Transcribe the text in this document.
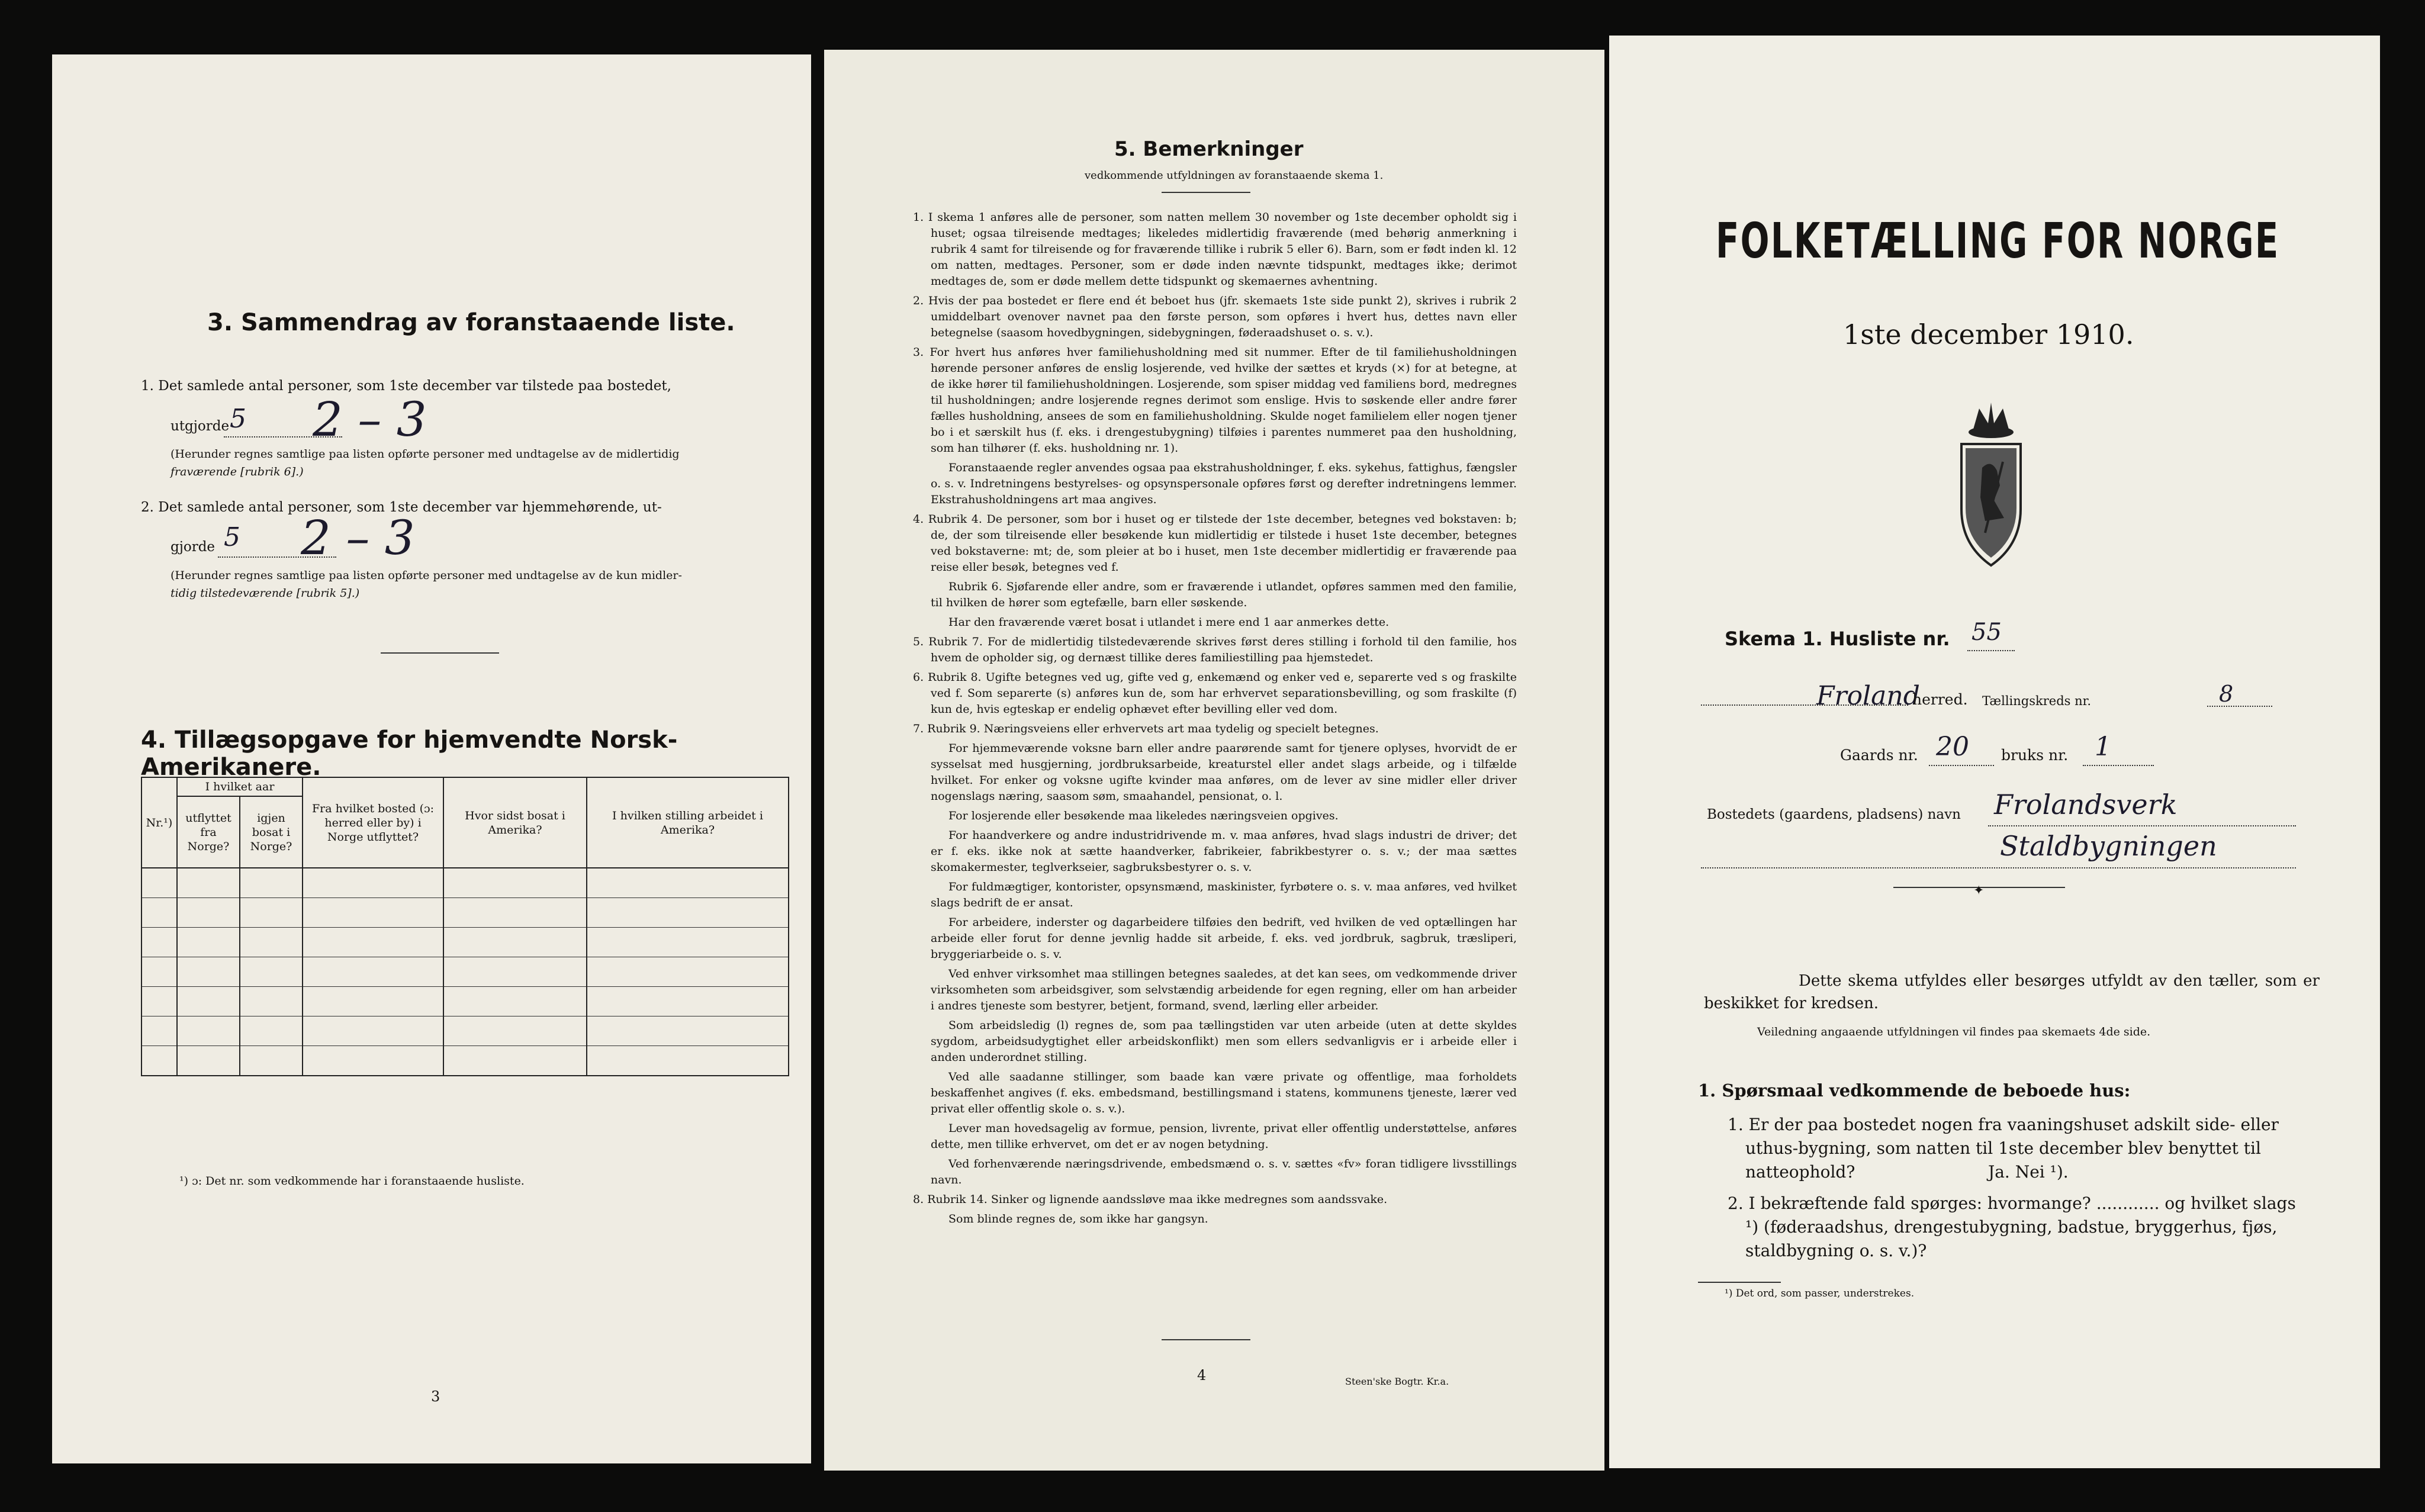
3. Sammendrag av foranstaaende liste.
1. Det samlede antal personer, som 1ste december var tilstede paa bostedet,
utgjorde 5 2 – 3
(Herunder regnes samtlige paa listen opførte personer med undtagelse av de midlertidig
fraværende [rubrik 6].)
2. Det samlede antal personer, som 1ste december var hjemmehørende, ut-
gjorde 5 2 – 3
(Herunder regnes samtlige paa listen opførte personer med undtagelse av de kun midler-
tidig tilstedeværende [rubrik 5].)
4. Tillægsopgave for hjemvendte Norsk-Amerikanere.
Nr.¹)	I hvilket aar		Fra hvilket bosted (ɔ: herred eller by) i Norge utflyttet?	Hvor sidst bosat i Amerika?	I hvilken stilling arbeidet i Amerika?
	utflyttet fra Norge?	igjen bosat i Norge?			

¹) ɔ: Det nr. som vedkommende har i foranstaaende husliste.
3
5. Bemerkninger
vedkommende utfyldningen av foranstaaende skema 1.

1. I skema 1 anføres alle de personer, som natten mellem 30 november og 1ste december opholdt sig i huset; ogsaa tilreisende medtages; likeledes midlertidig fraværende (med behørig anmerkning i rubrik 4 samt for tilreisende og for fraværende tillike i rubrik 5 eller 6). Barn, som er født inden kl. 12 om natten, medtages. Personer, som er døde inden nævnte tidspunkt, medtages ikke; derimot medtages de, som er døde mellem dette tidspunkt og skemaernes avhentning.

2. Hvis der paa bostedet er flere end ét beboet hus (jfr. skemaets 1ste side punkt 2), skrives i rubrik 2 umiddelbart ovenover navnet paa den første person, som opføres i hvert hus, dettes navn eller betegnelse (saasom hovedbygningen, sidebygningen, føderaadshuset o. s. v.).

3. For hvert hus anføres hver familiehusholdning med sit nummer. Efter de til familiehusholdningen hørende personer anføres de enslig losjerende, ved hvilke der sættes et kryds (×) for at betegne, at de ikke hører til familiehusholdningen. Losjerende, som spiser middag ved familiens bord, medregnes til husholdningen; andre losjerende regnes derimot som enslige. Hvis to søskende eller andre fører fælles husholdning, ansees de som en familiehusholdning. Skulde noget familielem eller nogen tjener bo i et særskilt hus (f. eks. i drengestubygning) tilføies i parentes nummeret paa den husholdning, som han tilhører (f. eks. husholdning nr. 1).

Foranstaaende regler anvendes ogsaa paa ekstrahusholdninger, f. eks. sykehus, fattighus, fængsler o. s. v. Indretningens bestyrelses- og opsynspersonale opføres først og derefter indretningens lemmer. Ekstrahusholdningens art maa angives.

4. Rubrik 4. De personer, som bor i huset og er tilstede der 1ste december, betegnes ved bokstaven: b; de, der som tilreisende eller besøkende kun midlertidig er tilstede i huset 1ste december, betegnes ved bokstaverne: mt; de, som pleier at bo i huset, men 1ste december midlertidig er fraværende paa reise eller besøk, betegnes ved f.

Rubrik 6. Sjøfarende eller andre, som er fraværende i utlandet, opføres sammen med den familie, til hvilken de hører som egtefælle, barn eller søskende.

Har den fraværende været bosat i utlandet i mere end 1 aar anmerkes dette.

5. Rubrik 7. For de midlertidig tilstedeværende skrives først deres stilling i forhold til den familie, hos hvem de opholder sig, og dernæst tillike deres familiestilling paa hjemstedet.

6. Rubrik 8. Ugifte betegnes ved ug, gifte ved g, enkemænd og enker ved e, separerte ved s og fraskilte ved f. Som separerte (s) anføres kun de, som har erhvervet separationsbevilling, og som fraskilte (f) kun de, hvis egteskap er endelig ophævet efter bevilling eller ved dom.

7. Rubrik 9. Næringsveiens eller erhvervets art maa tydelig og specielt betegnes.

For hjemmeværende voksne barn eller andre paarørende samt for tjenere oplyses, hvorvidt de er sysselsat med husgjerning, jordbruksarbeide, kreaturstel eller andet slags arbeide, og i tilfælde hvilket. For enker og voksne ugifte kvinder maa anføres, om de lever av sine midler eller driver nogenslags næring, saasom søm, smaahandel, pensionat, o. l.

For losjerende eller besøkende maa likeledes næringsveien opgives.

For haandverkere og andre industridrivende m. v. maa anføres, hvad slags industri de driver; det er f. eks. ikke nok at sætte haandverker, fabrikeier, fabrikbestyrer o. s. v.; der maa sættes skomakermester, teglverkseier, sagbruksbestyrer o. s. v.

For fuldmægtiger, kontorister, opsynsmænd, maskinister, fyrbøtere o. s. v. maa anføres, ved hvilket slags bedrift de er ansat.

For arbeidere, inderster og dagarbeidere tilføies den bedrift, ved hvilken de ved optællingen har arbeide eller forut for denne jevnlig hadde sit arbeide, f. eks. ved jordbruk, sagbruk, træsliperi, bryggeriarbeide o. s. v.

Ved enhver virksomhet maa stillingen betegnes saaledes, at det kan sees, om vedkommende driver virksomheten som arbeidsgiver, som selvstændig arbeidende for egen regning, eller om han arbeider i andres tjeneste som bestyrer, betjent, formand, svend, lærling eller arbeider.

Som arbeidsledig (l) regnes de, som paa tællingstiden var uten arbeide (uten at dette skyldes sygdom, arbeidsudygtighet eller arbeidskonflikt) men som ellers sedvanligvis er i arbeide eller i anden underordnet stilling.

Ved alle saadanne stillinger, som baade kan være private og offentlige, maa forholdets beskaffenhet angives (f. eks. embedsmand, bestillingsmand i statens, kommunens tjeneste, lærer ved privat eller offentlig skole o. s. v.).

Lever man hovedsagelig av formue, pension, livrente, privat eller offentlig understøttelse, anføres dette, men tillike erhvervet, om det er av nogen betydning.

Ved forhenværende næringsdrivende, embedsmænd o. s. v. sættes «fv» foran tidligere livsstillings navn.

8. Rubrik 14. Sinker og lignende aandssløve maa ikke medregnes som aandssvake.

Som blinde regnes de, som ikke har gangsyn.

4	Steen'ske Bogtr. Kr.a.
FOLKETÆLLING FOR NORGE
1ste december 1910.
Skema 1. Husliste nr. 55
Froland
herred. Tællingskreds nr.	8
Gaards nr. 20 bruks nr. 1
Bostedets (gaardens, pladsens) navn Frolandsverk
Staldbygningen
✦
Dette skema utfyldes eller besørges utfyldt av den tæller, som er beskikket for kredsen.
Veiledning angaaende utfyldningen vil findes paa skemaets 4de side.
1. Spørsmaal vedkommende de beboede hus:
1. Er der paa bostedet nogen fra vaaningshuset adskilt side- eller uthus-bygning, som natten til 1ste december blev benyttet til natteophold?	Ja. Nei ¹).
2. I bekræftende fald spørges: hvormange? ............ og hvilket slags ¹) (føderaadshus, drengestubygning, badstue, bryggerhus, fjøs, staldbygning o. s. v.)?
¹) Det ord, som passer, understrekes.
